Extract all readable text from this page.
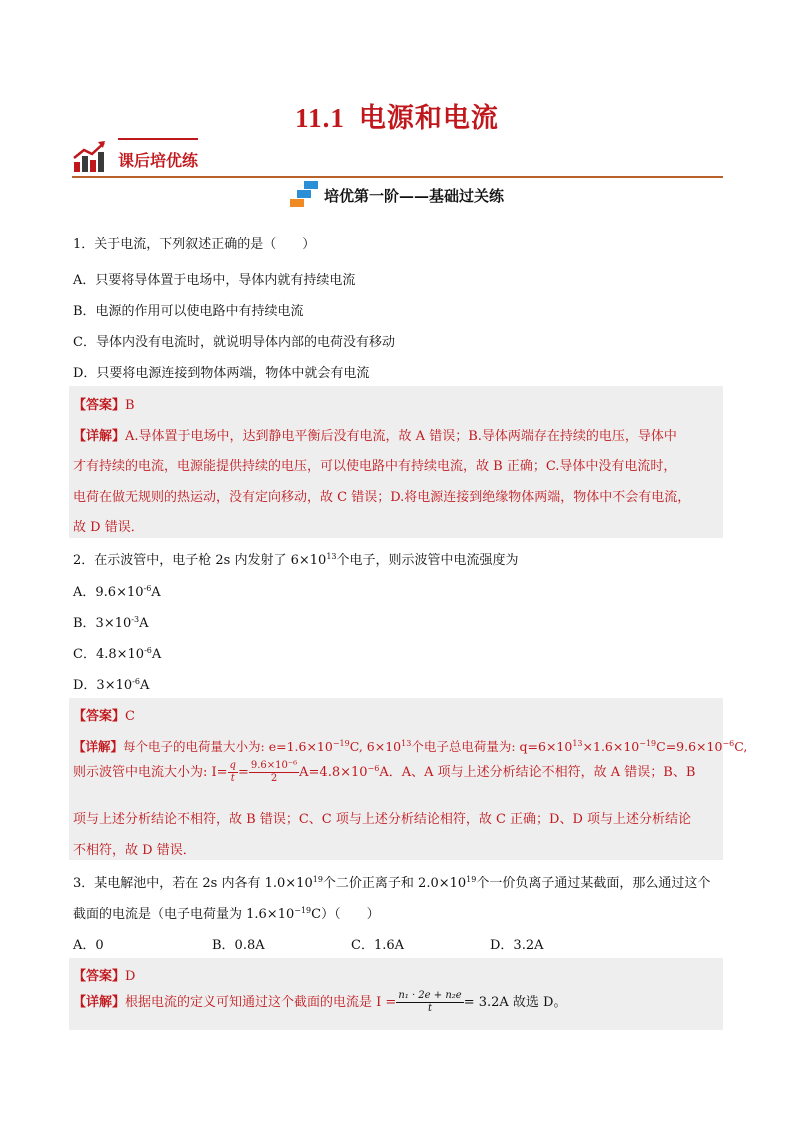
11.1 电源和电流
课后培优练
培优第一阶——基础过关练
1．关于电流，下列叙述正确的是（　　）
A．只要将导体置于电场中，导体内就有持续电流
B．电源的作用可以使电路中有持续电流
C．导体内没有电流时，就说明导体内部的电荷没有移动
D．只要将电源连接到物体两端，物体中就会有电流
【答案】B
【详解】A.导体置于电场中，达到静电平衡后没有电流，故 A 错误；B.导体两端存在持续的电压，导体中
才有持续的电流，电源能提供持续的电压，可以使电路中有持续电流，故 B 正确；C.导体中没有电流时，
电荷在做无规则的热运动，没有定向移动，故 C 错误；D.将电源连接到绝缘物体两端，物体中不会有电流，
故 D 错误．
2．在示波管中，电子枪 2s 内发射了 $6\times 10^{13}$个电子，则示波管中电流强度为
A．$9.6\times 10^{-6}A$
B．$3\times 10^{-3}A$
C．$4.8\times 10^{-6}A$
D．$3\times 10^{-6}A$
【答案】C
【详解】每个电子的电荷量大小为: $e=1.6\times 10^{-19}C$, $6\times 10^{13}$个电子总电荷量为: $q=6\times 10^{13}\times 1.6\times 10^{-19}C=9.6\times 10^{-6}C$,
则示波管中电流大小为: $I= \frac{q}{t} = \frac{\text{9.6×10⁻⁶}}{2} A=4.8\times 10^{-6}A$．A、A 项与上述分析结论不相符，故 A 错误；B、B
项与上述分析结论不相符，故 B 错误；C、C 项与上述分析结论相符，故 C 正确；D、D 项与上述分析结论
不相符，故 D 错误．
3．某电解池中，若在 2s 内各有 $1.0\times 10^{19}$个二价正离子和 $2.0\times 10^{19}$个一价负离子通过某截面，那么通过这个
截面的电流是（电子电荷量为 $1.6\times 10^{-19}C$）（　　）
A．0	B．0.8A	C．1.6A	D．3.2A
【答案】D
【详解】根据电流的定义可知通过这个截面的电流是 $I = \frac{\text{n₁ · 2e + n₂e}}{t} = 3.2A$ 故选 D。
